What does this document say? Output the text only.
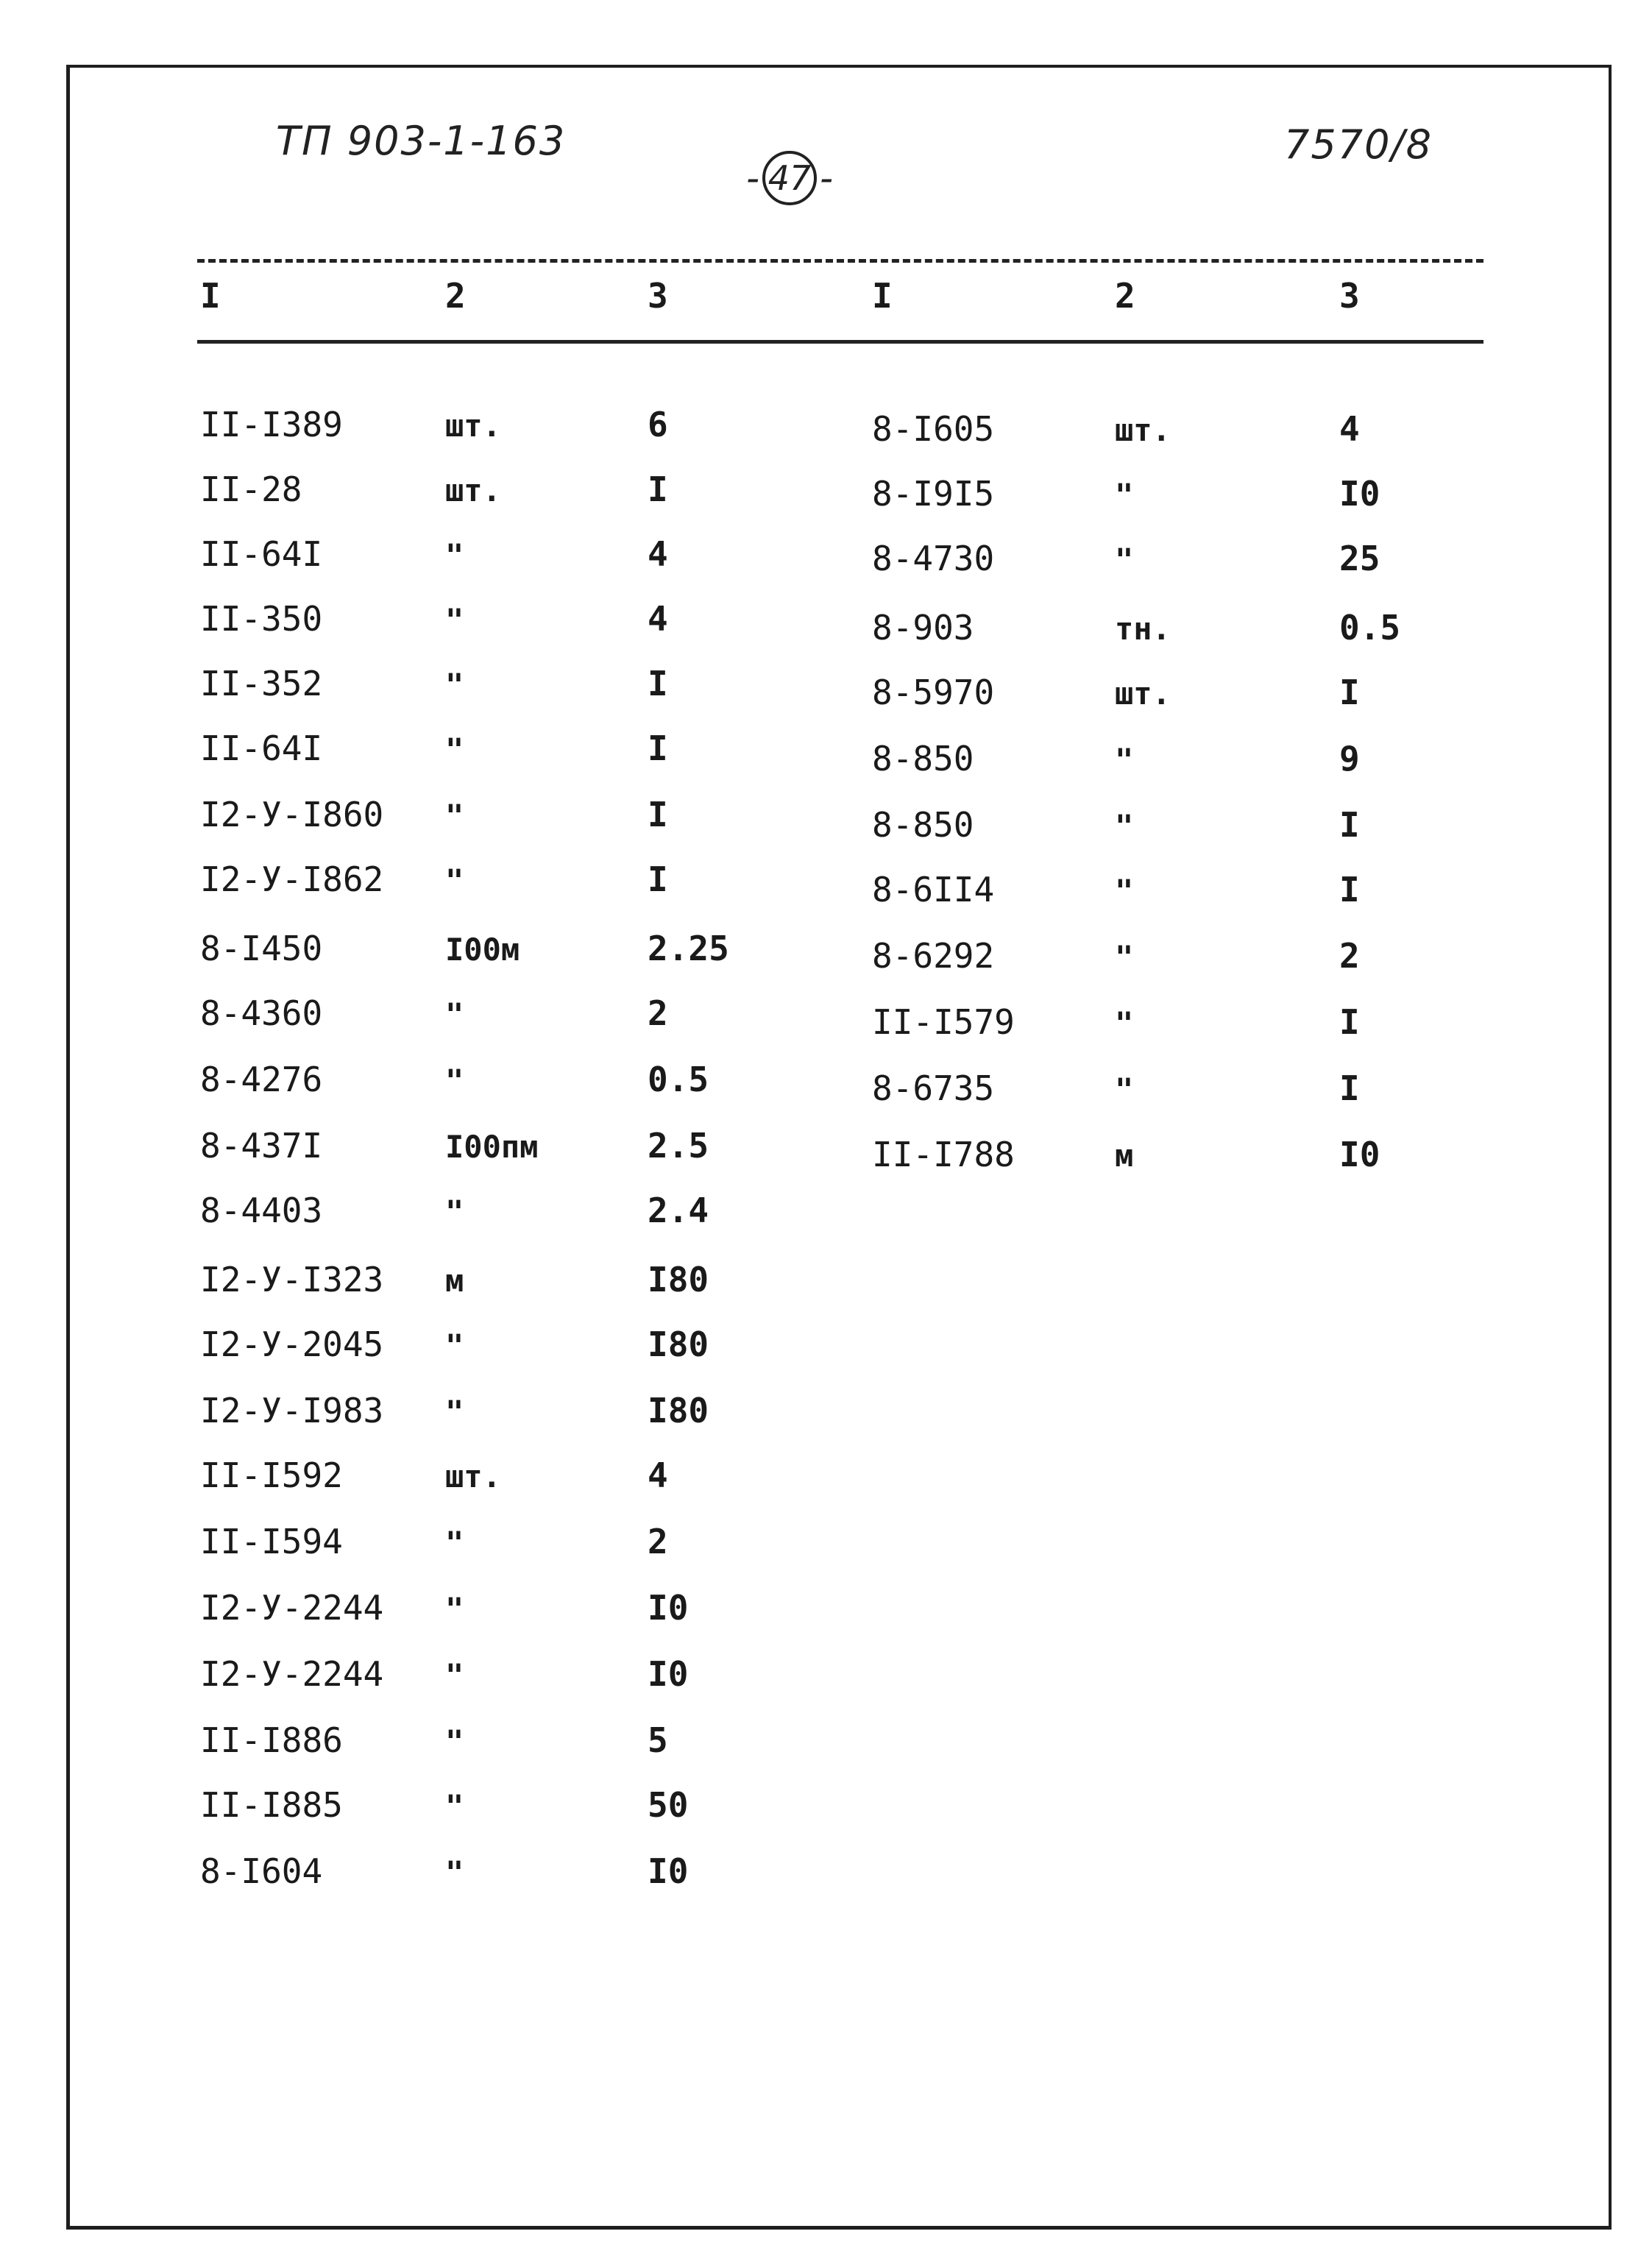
ТП 903-1-163
- 47 -
7570/8
I	2	3	I	2	3
II-I389	шт.	6
II-28	шт.	I
II-64I	"	4
II-350	"	4
II-352	"	I
II-64I	"	I
I2-У-I860 "	I
I2-У-I862 "	I
8-I450	I00м	2.25
8-4360	"	2
8-4276	"	0.5
8-437I	I00пм	2.5
8-4403	"	2.4
I2-У-I323 м	I80
I2-У-2045 "	I80
I2-У-I983 "	I80
II-I592	шт.	4
II-I594	"	2
I2-У-2244 "	I0
I2-У-2244 "	I0
II-I886	"	5
II-I885	"	50
8-I604	"	I0
8-I605	шт.	4
8-I9I5	"	I0
8-4730	"	25
8-903	тн.	0.5
8-5970	шт.	I
8-850	"	9
8-850	"	I
8-6II4	"	I
8-6292	"	2
II-I579	"	I
8-6735	"	I
II-I788	м	I0
